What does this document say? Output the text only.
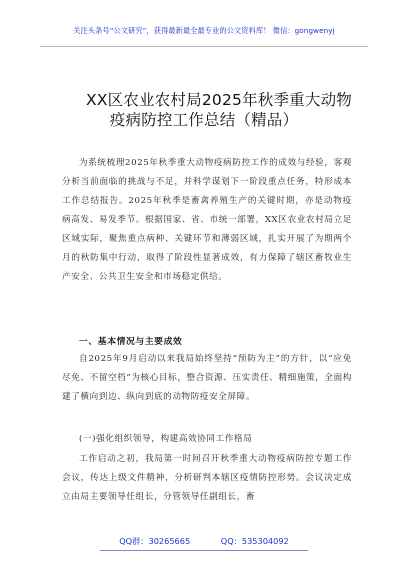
关注头条号“公文研究”，获得最新最全最专业的公文资料库！ 微信：gongwenyj
XX区农业农村局2025年秋季重大动物
疫病防控工作总结（精品）
为系统梳理2025年秋季重大动物疫病防控工作的成效与经验，客观分析当前面临的挑战与不足，并科学谋划下一阶段重点任务，特形成本工作总结报告。2025年秋季是畜禽养殖生产的关键时期，亦是动物疫病高发、易发季节。根据国家、省、市统一部署，XX区农业农村局立足区域实际，聚焦重点病种、关键环节和薄弱区域，扎实开展了为期两个月的秋防集中行动，取得了阶段性显著成效，有力保障了辖区畜牧业生产安全、公共卫生安全和市场稳定供给。
一、基本情况与主要成效
自2025年9月启动以来我局始终坚持“预防为主”的方针，以“应免尽免、不留空档”为核心目标，整合资源、压实责任、精细施策，全面构建了横向到边、纵向到底的动物防疫安全屏障。
(一)强化组织领导，构建高效协同工作格局
工作启动之初，我局第一时间召开秋季重大动物疫病防控专题工作会议，传达上级文件精神，分析研判本辖区疫情防控形势。会议决定成立由局主要领导任组长，分管领导任副组长，畜
QQ群：30265665	QQ：535304092
